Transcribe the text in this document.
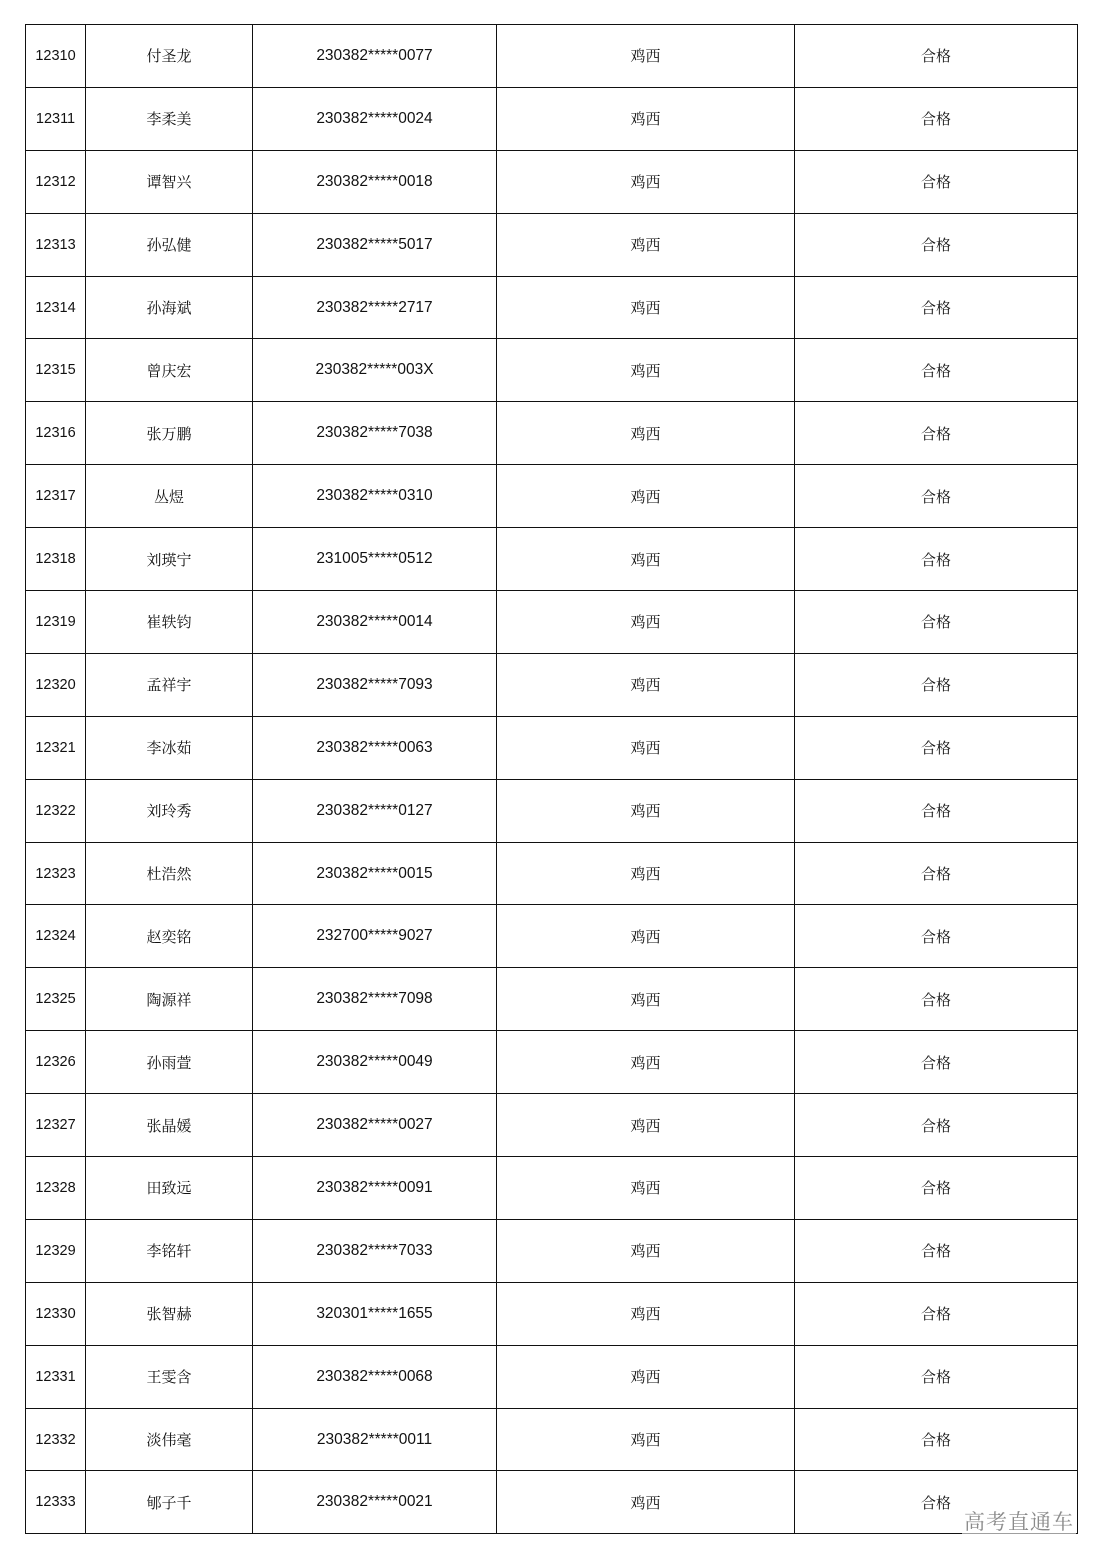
12310	付圣龙	230382*****0077	鸡西	合格
12311	李柔美	230382*****0024	鸡西	合格
12312	谭智兴	230382*****0018	鸡西	合格
12313	孙弘健	230382*****5017	鸡西	合格
12314	孙海斌	230382*****2717	鸡西	合格
12315	曾庆宏	230382*****003X	鸡西	合格
12316	张万鹏	230382*****7038	鸡西	合格
12317	丛煜	230382*****0310	鸡西	合格
12318	刘瑛宁	231005*****0512	鸡西	合格
12319	崔轶钧	230382*****0014	鸡西	合格
12320	孟祥宇	230382*****7093	鸡西	合格
12321	李冰茹	230382*****0063	鸡西	合格
12322	刘玲秀	230382*****0127	鸡西	合格
12323	杜浩然	230382*****0015	鸡西	合格
12324	赵奕铭	232700*****9027	鸡西	合格
12325	陶源祥	230382*****7098	鸡西	合格
12326	孙雨萱	230382*****0049	鸡西	合格
12327	张晶媛	230382*****0027	鸡西	合格
12328	田致远	230382*****0091	鸡西	合格
12329	李铭轩	230382*****7033	鸡西	合格
12330	张智赫	320301*****1655	鸡西	合格
12331	王雯含	230382*****0068	鸡西	合格
12332	淡伟毫	230382*****0011	鸡西	合格
12333	郇子千	230382*****0021	鸡西	合格
高考直通车
